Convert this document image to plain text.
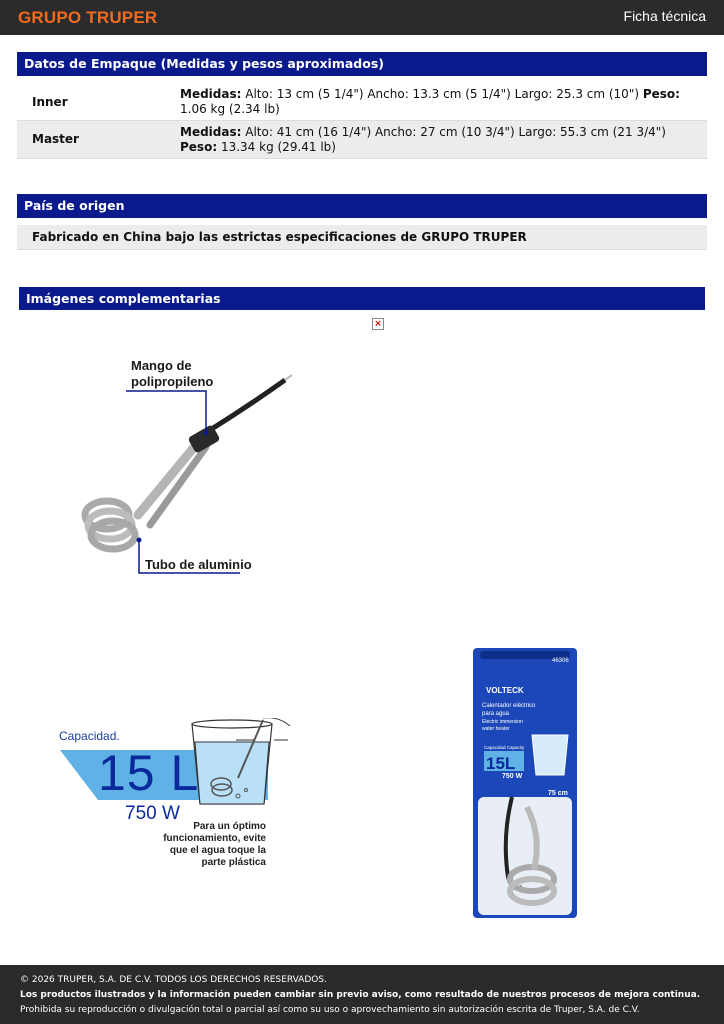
GRUPO TRUPER	Ficha técnica
Datos de Empaque (Medidas y pesos aproximados)
Inner
Medidas: Alto: 13 cm (5 1/4") Ancho: 13.3 cm (5 1/4") Largo: 25.3 cm (10") Peso: 1.06 kg (2.34 lb)
Master	Medidas: Alto: 41 cm (16 1/4") Ancho: 27 cm (10 3/4") Largo: 55.3 cm (21 3/4") Peso: 13.34 kg (29.41 lb)
País de origen
Fabricado en China bajo las estrictas especificaciones de GRUPO TRUPER
Imágenes complementarias
×
Mango de
polipropileno
Tubo de aluminio
Capacidad.
15 L
750 W
Para un óptimo funcionamiento, evite que el agua toque la parte plástica
VOLTECK
46306
Calentador eléctrico
para agua
Electric immersion
water heater
Capacidad Capacity
15L
750 W
75 cm
© 2026 TRUPER, S.A. DE C.V. TODOS LOS DERECHOS RESERVADOS.
Los productos ilustrados y la información pueden cambiar sin previo aviso, como resultado de nuestros procesos de mejora continua.
Prohibida su reproducción o divulgación total o parcial así como su uso o aprovechamiento sin autorización escrita de Truper, S.A. de C.V.
